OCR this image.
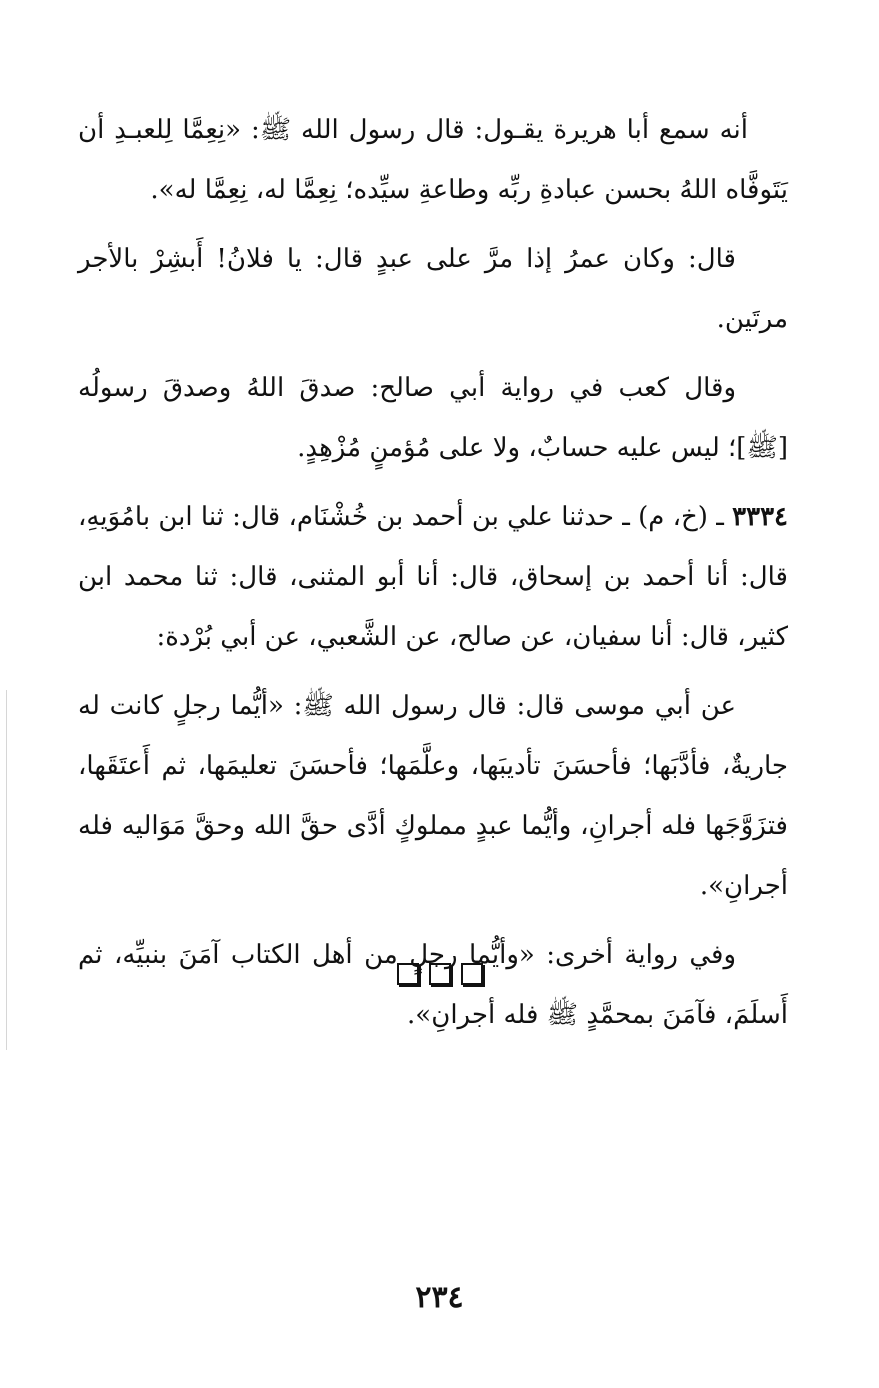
أنه سمع أبا هريرة يقـول: قال رسول الله ﷺ: «نِعِمَّا لِلعبـدِ أن يَتَوفَّاه اللهُ بحسن عبادةِ ربِّه وطاعةِ سيِّده؛ نِعِمَّا له، نِعِمَّا له».

قال: وكان عمرُ إذا مرَّ على عبدٍ قال: يا فلانُ! أَبشِرْ بالأجر مرتَين.

وقال كعب في رواية أبي صالح: صدقَ اللهُ وصدقَ رسولُه [ﷺ]؛ ليس عليه حسابٌ، ولا على مُؤمنٍ مُزْهِدٍ.

٣٣٣٤ ـ (خ، م) ـ حدثنا علي بن أحمد بن خُشْنَام، قال: ثنا ابن بامُوَيهِ، قال: أنا أحمد بن إسحاق، قال: أنا أبو المثنى، قال: ثنا محمد ابن كثير، قال: أنا سفيان، عن صالح، عن الشَّعبي، عن أبي بُرْدة:

عن أبي موسى قال: قال رسول الله ﷺ: «أيُّما رجلٍ كانت له جاريةٌ، فأدَّبَها؛ فأحسَنَ تأديبَها، وعلَّمَها؛ فأحسَنَ تعليمَها، ثم أَعتَقَها، فتزَوَّجَها فله أجرانِ، وأيُّما عبدٍ مملوكٍ أدَّى حقَّ الله وحقَّ مَوَاليه فله أجرانِ».

وفي رواية أخرى: «وأيُّما رجلٍ من أهل الكتاب آمَنَ بنبيِّه، ثم أَسلَمَ، فآمَنَ بمحمَّدٍ ﷺ فله أجرانِ».

٢٣٤
